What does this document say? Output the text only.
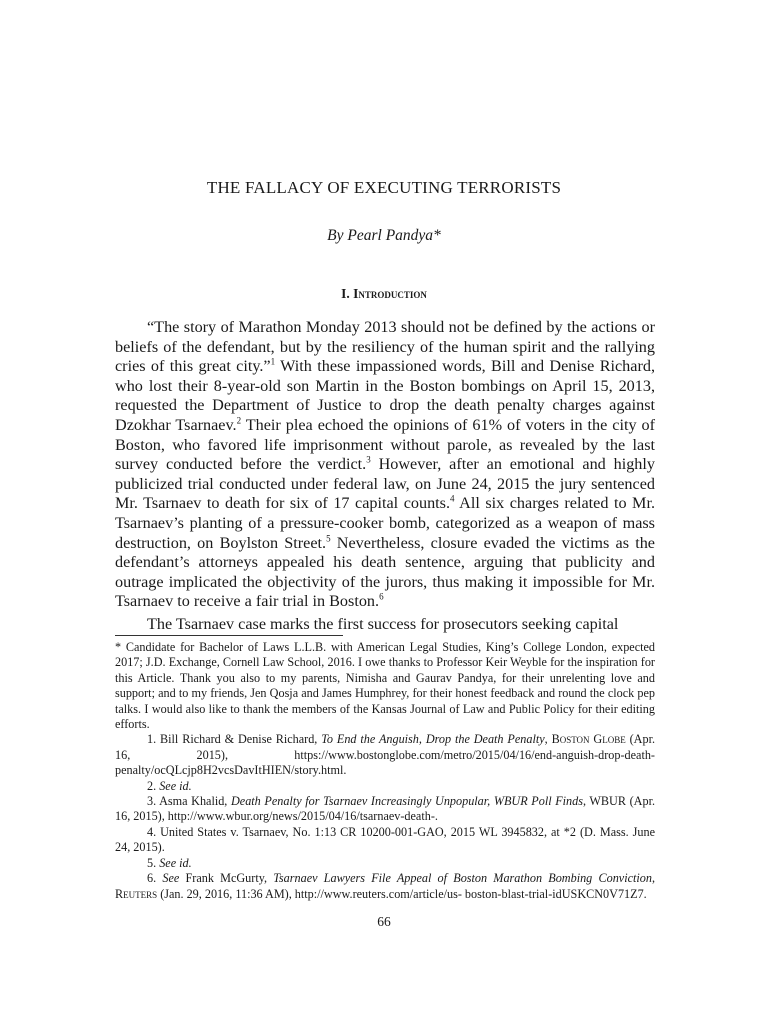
THE FALLACY OF EXECUTING TERRORISTS
By Pearl Pandya*
I. Introduction

“The story of Marathon Monday 2013 should not be defined by the actions or beliefs of the defendant, but by the resiliency of the human spirit and the rallying cries of this great city.”$^1$ With these impassioned words, Bill and Denise Richard, who lost their 8-year-old son Martin in the Boston bombings on April 15, 2013, requested the Department of Justice to drop the death penalty charges against Dzokhar Tsarnaev.$^2$ Their plea echoed the opinions of 61% of voters in the city of Boston, who favored life imprisonment without parole, as revealed by the last survey conducted before the verdict.$^3$ However, after an emotional and highly publicized trial conducted under federal law, on June 24, 2015 the jury sentenced Mr. Tsarnaev to death for six of 17 capital counts.$^4$ All six charges related to Mr. Tsarnaev’s planting of a pressure-cooker bomb, categorized as a weapon of mass destruction, on Boylston Street.$^5$ Nevertheless, closure evaded the victims as the defendant’s attorneys appealed his death sentence, arguing that publicity and outrage implicated the objectivity of the jurors, thus making it impossible for Mr. Tsarnaev to receive a fair trial in Boston.$^6$

The Tsarnaev case marks the first success for prosecutors seeking capital

* Candidate for Bachelor of Laws L.L.B. with American Legal Studies, King’s College London, expected 2017; J.D. Exchange, Cornell Law School, 2016. I owe thanks to Professor Keir Weyble for the inspiration for this Article. Thank you also to my parents, Nimisha and Gaurav Pandya, for their unrelenting love and support; and to my friends, Jen Qosja and James Humphrey, for their honest feedback and round the clock pep talks. I would also like to thank the members of the Kansas Journal of Law and Public Policy for their editing efforts.

1. Bill Richard & Denise Richard, To End the Anguish, Drop the Death Penalty, Boston Globe (Apr. 16, 2015), https://www.bostonglobe.com/metro/2015/04/16/end-anguish-drop-death-penalty/ocQLcjp8H2vcsDavItHIEN/story.html.

2. See id.

3. Asma Khalid, Death Penalty for Tsarnaev Increasingly Unpopular, WBUR Poll Finds, WBUR (Apr. 16, 2015), http://www.wbur.org/news/2015/04/16/tsarnaev-death-.

4. United States v. Tsarnaev, No. 1:13 CR 10200-001-GAO, 2015 WL 3945832, at *2 (D. Mass. June 24, 2015).

5. See id.

6. See Frank McGurty, Tsarnaev Lawyers File Appeal of Boston Marathon Bombing Conviction, Reuters (Jan. 29, 2016, 11:36 AM), http://www.reuters.com/article/us- boston-blast-trial-idUSKCN0V71Z7.

66
